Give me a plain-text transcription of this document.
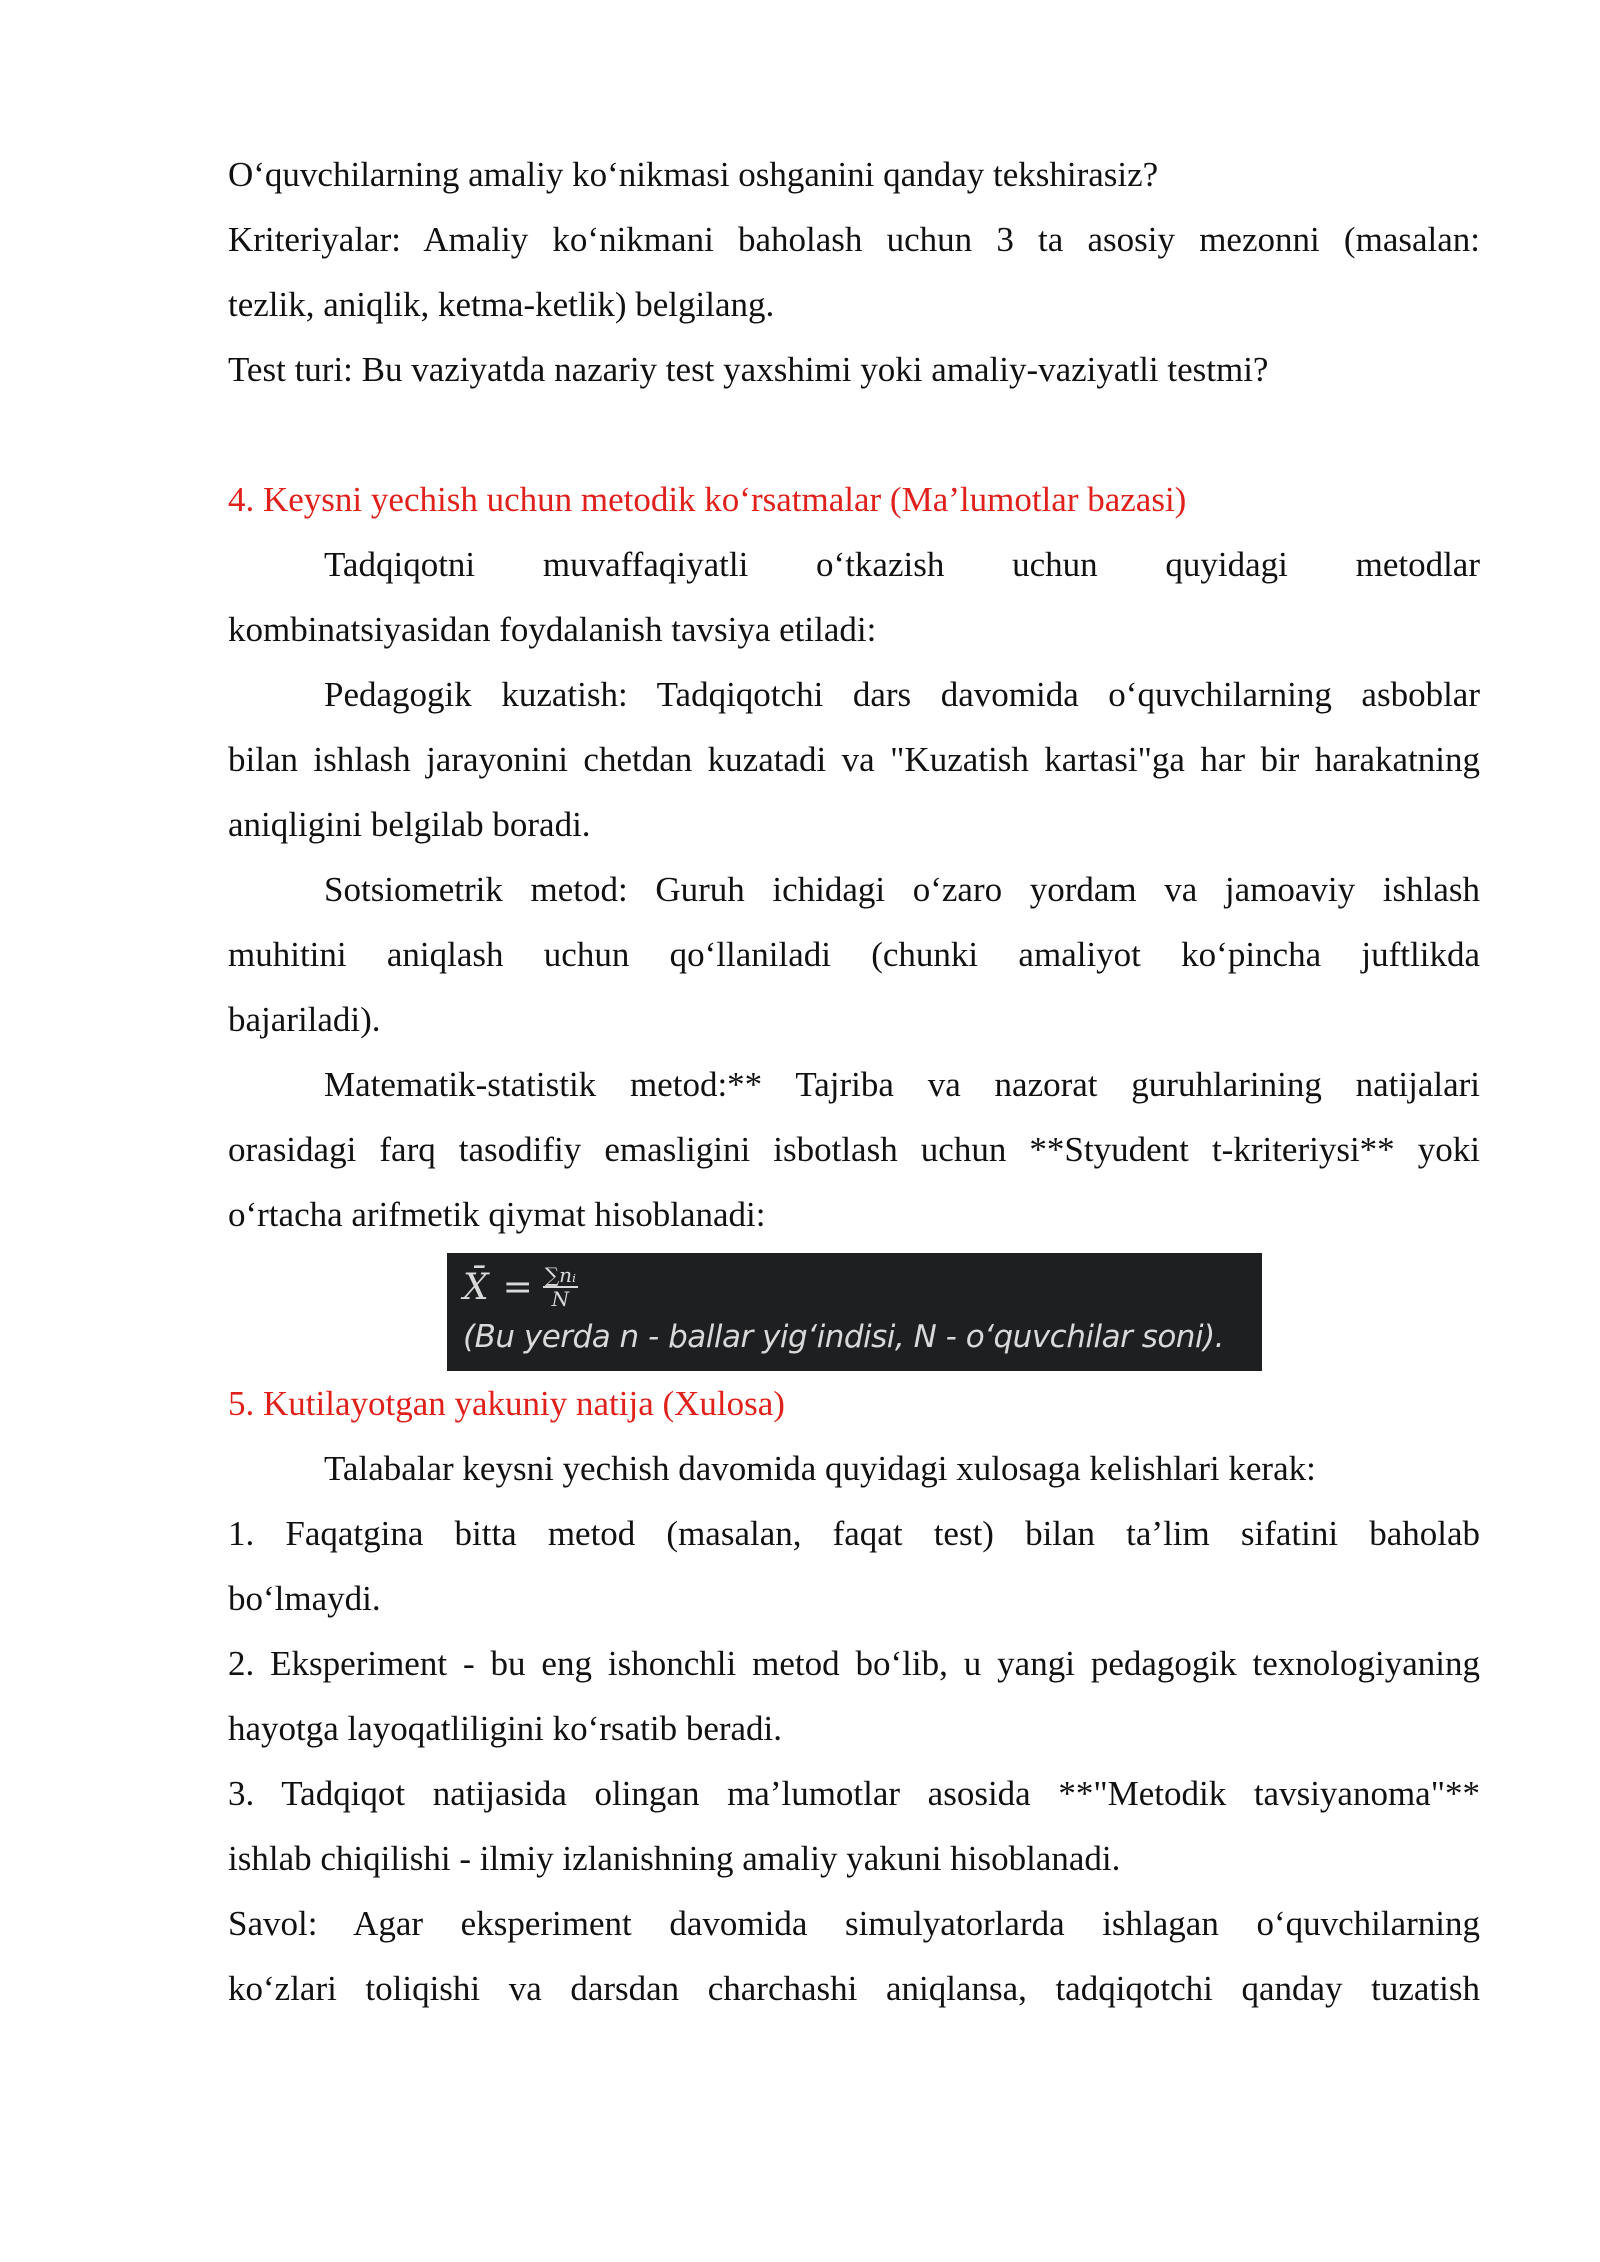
O‘quvchilarning amaliy ko‘nikmasi oshganini qanday tekshirasiz?
Kriteriyalar: Amaliy ko‘nikmani baholash uchun 3 ta asosiy mezonni (masalan:
tezlik, aniqlik, ketma-ketlik) belgilang.
Test turi: Bu vaziyatda nazariy test yaxshimi yoki amaliy-vaziyatli testmi?
4. Keysni yechish uchun metodik ko‘rsatmalar (Ma’lumotlar bazasi)
Tadqiqotni muvaffaqiyatli o‘tkazish uchun quyidagi metodlar
kombinatsiyasidan foydalanish tavsiya etiladi:
Pedagogik kuzatish: Tadqiqotchi dars davomida o‘quvchilarning asboblar
bilan ishlash jarayonini chetdan kuzatadi va "Kuzatish kartasi"ga har bir harakatning
aniqligini belgilab boradi.
Sotsiometrik metod: Guruh ichidagi o‘zaro yordam va jamoaviy ishlash
muhitini aniqlash uchun qo‘llaniladi (chunki amaliyot ko‘pincha juftlikda
bajariladi).
Matematik-statistik metod:** Tajriba va nazorat guruhlarining natijalari
orasidagi farq tasodifiy emasligini isbotlash uchun **Styudent t-kriteriysi** yoki
o‘rtacha arifmetik qiymat hisoblanadi:
X̄ = $\frac{\text{∑nᵢ}}{N}$
(Bu yerda n - ballar yig‘indisi, N - o‘quvchilar soni).
5. Kutilayotgan yakuniy natija (Xulosa)
Talabalar keysni yechish davomida quyidagi xulosaga kelishlari kerak:
1. Faqatgina bitta metod (masalan, faqat test) bilan ta’lim sifatini baholab
bo‘lmaydi.
2. Eksperiment - bu eng ishonchli metod bo‘lib, u yangi pedagogik texnologiyaning
hayotga layoqatliligini ko‘rsatib beradi.
3. Tadqiqot natijasida olingan ma’lumotlar asosida **"Metodik tavsiyanoma"**
ishlab chiqilishi - ilmiy izlanishning amaliy yakuni hisoblanadi.
Savol: Agar eksperiment davomida simulyatorlarda ishlagan o‘quvchilarning
ko‘zlari toliqishi va darsdan charchashi aniqlansa, tadqiqotchi qanday tuzatish
